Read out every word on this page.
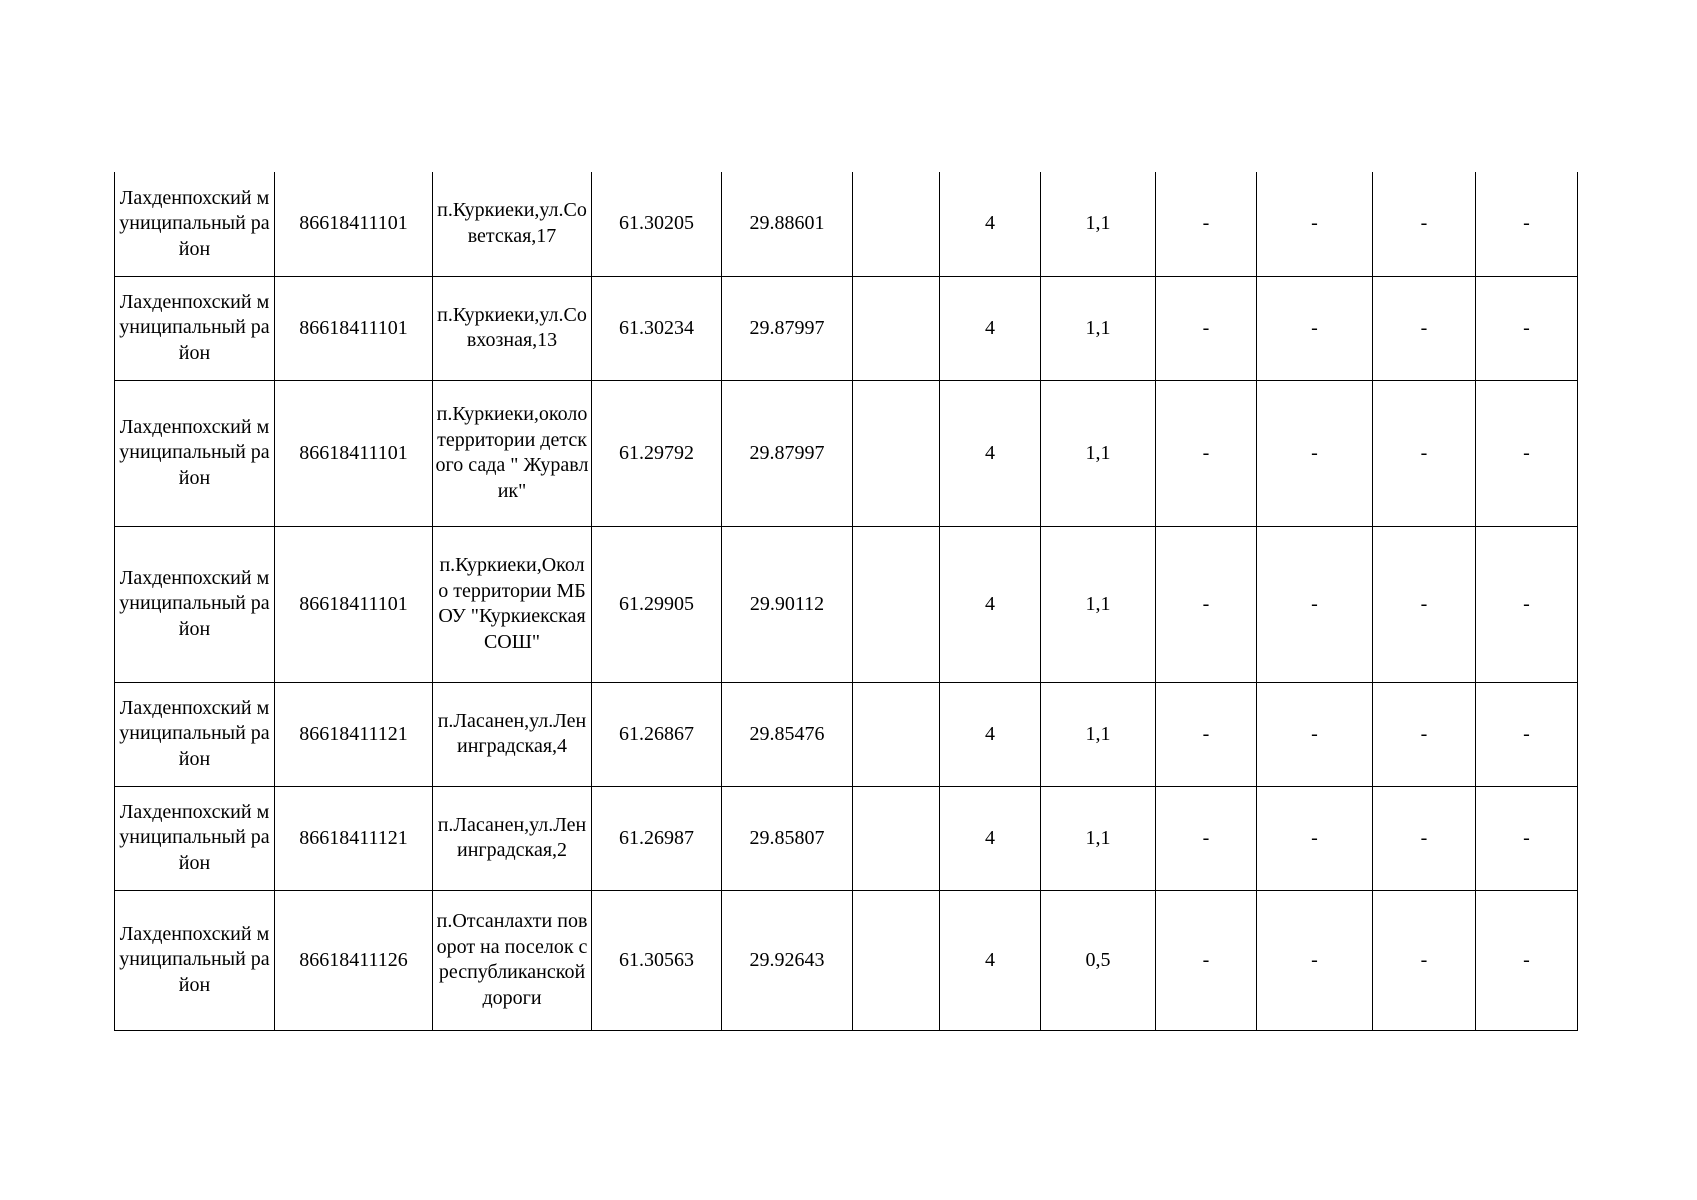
Лахденпохский муниципальный район	86618411101	п.Куркиеки,ул.Советская,17	61.30205	29.88601		4	1,1	-	-	-	-
Лахденпохский муниципальный район	86618411101	п.Куркиеки,ул.Совхозная,13	61.30234	29.87997		4	1,1	-	-	-	-
Лахденпохский муниципальный район	86618411101	п.Куркиеки,около территории детского сада " Журавлик"	61.29792	29.87997		4	1,1	-	-	-	-
Лахденпохский муниципальный район	86618411101	п.Куркиеки,Около территории МБОУ "Куркиекская СОШ"	61.29905	29.90112		4	1,1	-	-	-	-
Лахденпохский муниципальный район	86618411121	п.Ласанен,ул.Ленинградская,4	61.26867	29.85476		4	1,1	-	-	-	-
Лахденпохский муниципальный район	86618411121	п.Ласанен,ул.Ленинградская,2	61.26987	29.85807		4	1,1	-	-	-	-
Лахденпохский муниципальный район	86618411126	п.Отсанлахти поворот на поселок с республиканской дороги	61.30563	29.92643		4	0,5	-	-	-	-
